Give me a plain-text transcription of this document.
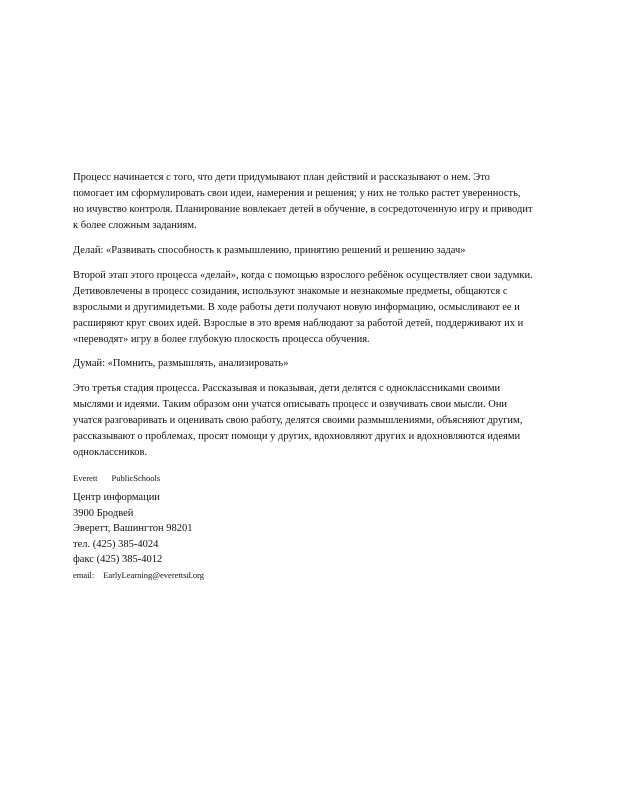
Процесс начинается с того, что дети придумывают план действий и рассказывают о нем. Это помогает им сформулировать свои идеи, намерения и решения; у них не только растет уверенность, но ичувство контроля. Планирование вовлекает детей в обучение, в сосредоточенную игру и приводит к более сложным заданиям.

Делай: «Развивать способность к размышлению, принятию решений и решению задач»

Второй этап этого процесса «делай», когда с помощью взрослого ребёнок осуществляет свои задумки. Детивовлечены в процесс созидания, используют знакомые и незнакомые предметы, общаются с взрослыми и другимидетьми. В ходе работы дети получают новую информацию, осмысливают ее и расширяют круг своих идей. Взрослые в это время наблюдают за работой детей, поддерживают их и «переводят» игру в более глубокую плоскость процесса обучения.

Думай: «Помнить, размышлять, анализировать»

Это третья стадия процесса. Рассказывая и показывая, дети делятся с одноклассниками своими мыслями и идеями. Таким образом они учатся описывать процесс и озвучивать свои мысли. Они учатся разговаривать и оценивать свою работу, делятся своими размышлениями, объясняют другим, рассказывают о проблемах, просят помощи у других, вдохновляют других и вдохновляются идеями одноклассников.

Everett PublicSchools
Центр информации
3900 Бродвей
Эверетт, Вашингтон 98201
тел. (425) 385-4024
факс (425) 385-4012
email: EarlyLearning@everettsd.org
